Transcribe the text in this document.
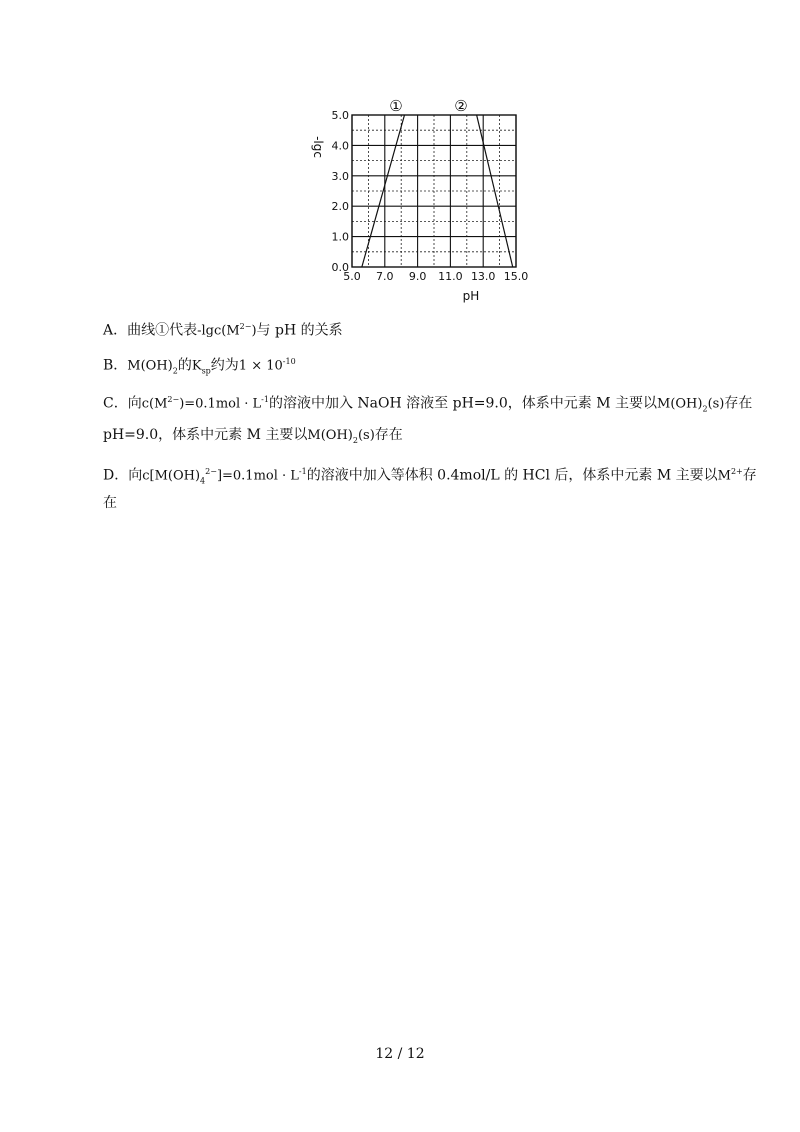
①	②
-lgc
0.0
1.0
2.0
3.0
4.0
5.0
5.0 7.0 9.0 11.0 13.0 15.0
pH
A．曲线①代表$-\lg c(M^{2-})$与 pH 的关系
B．$M(OH)_2$的$K_{sp}$约为$1 \times 10^{-10}$
C．向$c(M^{2-})=0.1mol \cdot L^{-1}$的溶液中加入 NaOH 溶液至 pH=9.0，体系中元素 M 主要以$M(OH)_2(s)$存在
pH=9.0，体系中元素 M 主要以$M(OH)_2(s)$存在
D．向$c[M(OH)_4^{2-}]=0.1mol \cdot L^{-1}$的溶液中加入等体积 0.4mol/L 的 HCl 后，体系中元素 M 主要以$M^{2+}$存
在
12 / 12
